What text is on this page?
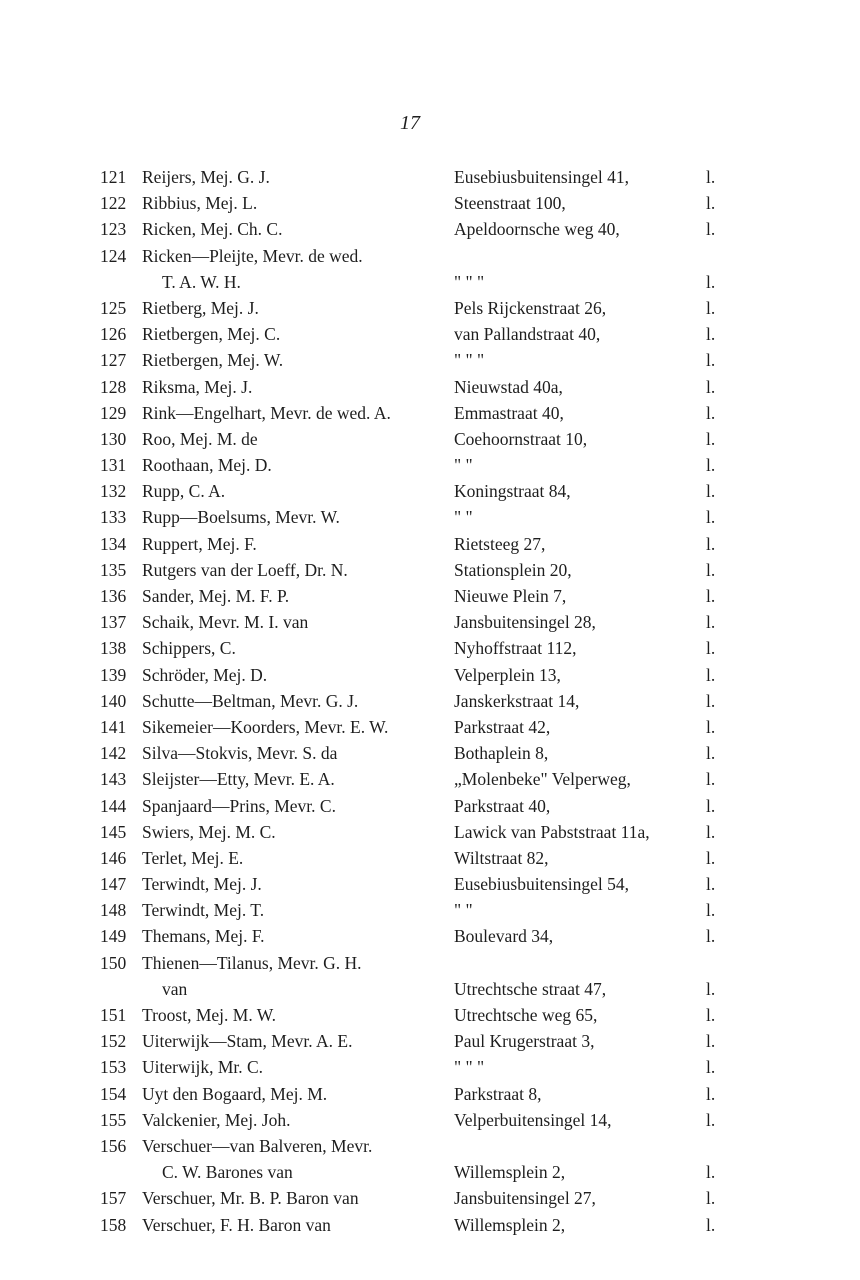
17
121 Reijers, Mej. G. J.	Eusebiusbuitensingel 41,	l.
122 Ribbius, Mej. L.	Steenstraat 100,	l.
123 Ricken, Mej. Ch. C.	Apeldoornsche weg 40,	l.
124 Ricken—Pleijte, Mevr. de wed.
T. A. W. H.	" " "	l.
125 Rietberg, Mej. J.	Pels Rijckenstraat 26,	l.
126 Rietbergen, Mej. C.	van Pallandstraat 40,	l.
127 Rietbergen, Mej. W.	" " "	l.
128 Riksma, Mej. J.	Nieuwstad 40a,	l.
129 Rink—Engelhart, Mevr. de wed. A.	Emmastraat 40,	l.
130 Roo, Mej. M. de	Coehoornstraat 10,	l.
131 Roothaan, Mej. D.	" "	l.
132 Rupp, C. A.	Koningstraat 84,	l.
133 Rupp—Boelsums, Mevr. W.	" "	l.
134 Ruppert, Mej. F.	Rietsteeg 27,	l.
135 Rutgers van der Loeff, Dr. N.	Stationsplein 20,	l.
136 Sander, Mej. M. F. P.	Nieuwe Plein 7,	l.
137 Schaik, Mevr. M. I. van	Jansbuitensingel 28,	l.
138 Schippers, C.	Nyhoffstraat 112,	l.
139 Schröder, Mej. D.	Velperplein 13,	l.
140 Schutte—Beltman, Mevr. G. J.	Janskerkstraat 14,	l.
141 Sikemeier—Koorders, Mevr. E. W.	Parkstraat 42,	l.
142 Silva—Stokvis, Mevr. S. da	Bothaplein 8,	l.
143 Sleijster—Etty, Mevr. E. A.	„Molenbeke" Velperweg,	l.
144 Spanjaard—Prins, Mevr. C.	Parkstraat 40,	l.
145 Swiers, Mej. M. C.	Lawick van Pabststraat 11a,	l.
146 Terlet, Mej. E.	Wiltstraat 82,	l.
147 Terwindt, Mej. J.	Eusebiusbuitensingel 54,	l.
148 Terwindt, Mej. T.	" "	l.
149 Themans, Mej. F.	Boulevard 34,	l.
150 Thienen—Tilanus, Mevr. G. H.
van	Utrechtsche straat 47,	l.
151 Troost, Mej. M. W.	Utrechtsche weg 65,	l.
152 Uiterwijk—Stam, Mevr. A. E.	Paul Krugerstraat 3,	l.
153 Uiterwijk, Mr. C.	" " "	l.
154 Uyt den Bogaard, Mej. M.	Parkstraat 8,	l.
155 Valckenier, Mej. Joh.	Velperbuitensingel 14,	l.
156 Verschuer—van Balveren, Mevr.
C. W. Barones van	Willemsplein 2,	l.
157 Verschuer, Mr. B. P. Baron van	Jansbuitensingel 27,	l.
158 Verschuer, F. H. Baron van	Willemsplein 2,	l.
